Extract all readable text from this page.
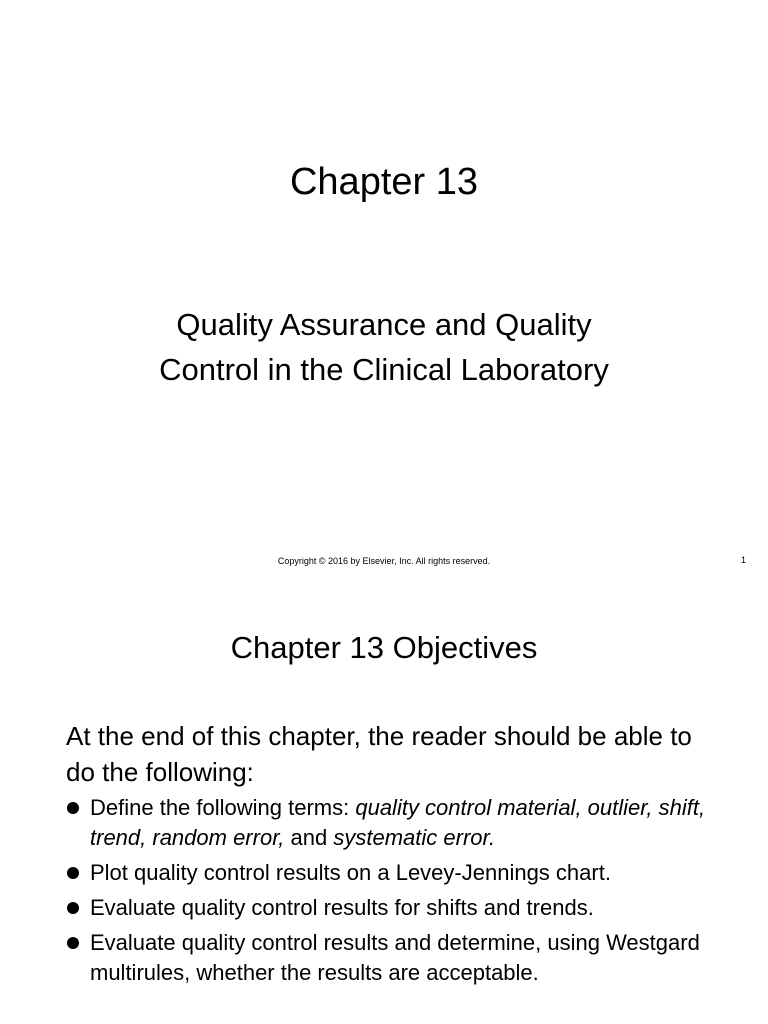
Chapter 13
Quality Assurance and Quality
Control in the Clinical Laboratory
Copyright © 2016 by Elsevier, Inc. All rights reserved.	1
Chapter 13 Objectives
At the end of this chapter, the reader should be able to do the following:
Define the following terms: quality control material, outlier, shift, trend, random error, and systematic error.
Plot quality control results on a Levey-Jennings chart.
Evaluate quality control results for shifts and trends.
Evaluate quality control results and determine, using Westgard multirules, whether the results are acceptable.
